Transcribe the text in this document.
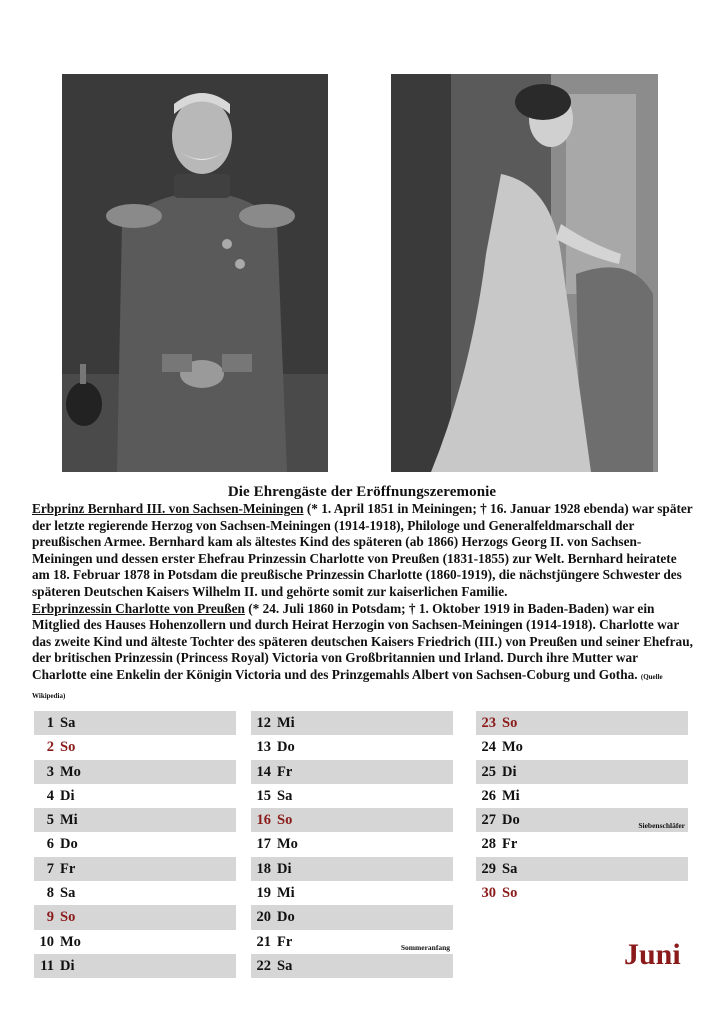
Die Ehrengäste der Eröffnungszeremonie
Erbprinz Bernhard III. von Sachsen-Meiningen (* 1. April 1851 in Meiningen; † 16. Januar 1928 ebenda) war später der letzte regierende Herzog von Sachsen-Meiningen (1914-1918), Philologe und Generalfeldmarschall der preußischen Armee. Bernhard kam als ältestes Kind des späteren (ab 1866) Herzogs Georg II. von Sachsen-Meiningen und dessen erster Ehefrau Prinzessin Charlotte von Preußen (1831-1855) zur Welt. Bernhard heiratete am 18. Februar 1878 in Potsdam die preußische Prinzessin Charlotte (1860-1919), die nächstjüngere Schwester des späteren Deutschen Kaisers Wilhelm II. und gehörte somit zur kaiserlichen Familie.
Erbprinzessin Charlotte von Preußen (* 24. Juli 1860 in Potsdam; † 1. Oktober 1919 in Baden-Baden) war ein Mitglied des Hauses Hohenzollern und durch Heirat Herzogin von Sachsen-Meiningen (1914-1918). Charlotte war das zweite Kind und älteste Tochter des späteren deutschen Kaisers Friedrich (III.) von Preußen und seiner Ehefrau, der britischen Prinzessin (Princess Royal) Victoria von Großbritannien und Irland. Durch ihre Mutter war Charlotte eine Enkelin der Königin Victoria und des Prinzgemahls Albert von Sachsen-Coburg und Gotha. (Quelle Wikipedia)
1 Sa
2 So
3 Mo
4 Di
5 Mi
6 Do
7 Fr
8 Sa
9 So
10 Mo
11 Di
12 Mi
13 Do
14 Fr
15 Sa
16 So
17 Mo
18 Di
19 Mi
20 Do
21 Fr	Sommeranfang
22 Sa
23 So
24 Mo
25 Di
26 Mi
27 Do	Siebenschläfer
28 Fr
29 Sa
30 So
Juni
